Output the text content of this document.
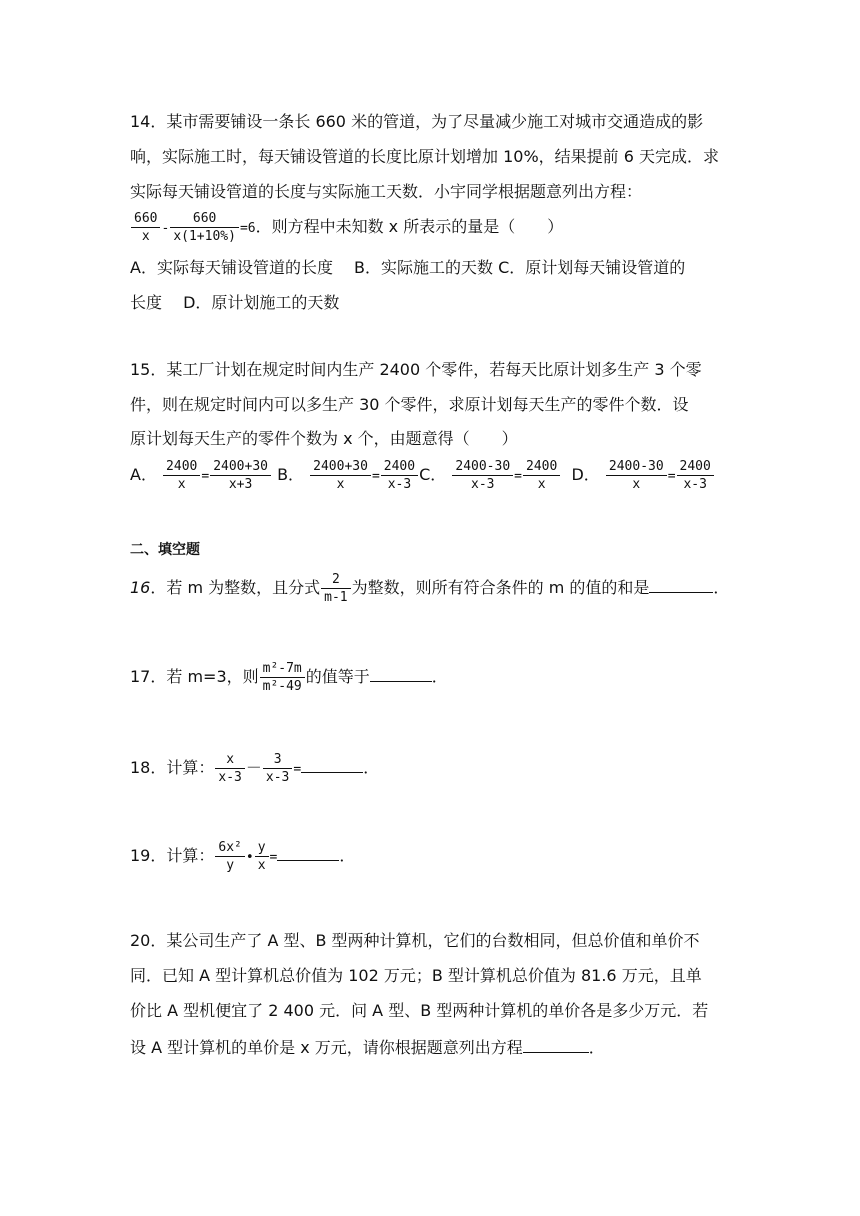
14．某市需要铺设一条长 660 米的管道，为了尽量减少施工对城市交通造成的影
响，实际施工时，每天铺设管道的长度比原计划增加 10%，结果提前 6 天完成．求
实际每天铺设管道的长度与实际施工天数．小宇同学根据题意列出方程：
$\frac{660}{x} - \frac{660}{x(1+10\%)} =6$．则方程中未知数 x 所表示的量是（　　）
A．实际每天铺设管道的长度　 B．实际施工的天数 C．原计划每天铺设管道的
长度　 D．原计划施工的天数
15．某工厂计划在规定时间内生产 2400 个零件，若每天比原计划多生产 3 个零
件，则在规定时间内可以多生产 30 个零件，求原计划每天生产的零件个数．设
原计划每天生产的零件个数为 x 个，由题意得（　　）
A． $\frac{2400}{x} = \frac{2400+30}{x+3}$ B． $\frac{2400+30}{x} = \frac{2400}{x-3}$ C． $\frac{2400-30}{x-3} = \frac{2400}{x}$ D． $\frac{2400-30}{x} = \frac{2400}{x-3}$
二、填空题
16．若 m 为整数，且分式 $\frac{2}{m-1}$ 为整数，则所有符合条件的 m 的值的和是	．
17．若 m=3，则 $\frac{\text{m²-7m}}{\text{m²-49}}$ 的值等于	．
18．计算： $\frac{x}{x-3} - \frac{3}{x-3}$ =	．
19．计算： $\frac{\text{6x²}}{y}$ • $\frac{y}{x}$ =	．
20．某公司生产了 A 型、B 型两种计算机，它们的台数相同，但总价值和单价不
同．已知 A 型计算机总价值为 102 万元；B 型计算机总价值为 81.6 万元，且单
价比 A 型机便宜了 2 400 元．问 A 型、B 型两种计算机的单价各是多少万元．若
设 A 型计算机的单价是 x 万元，请你根据题意列出方程	．
